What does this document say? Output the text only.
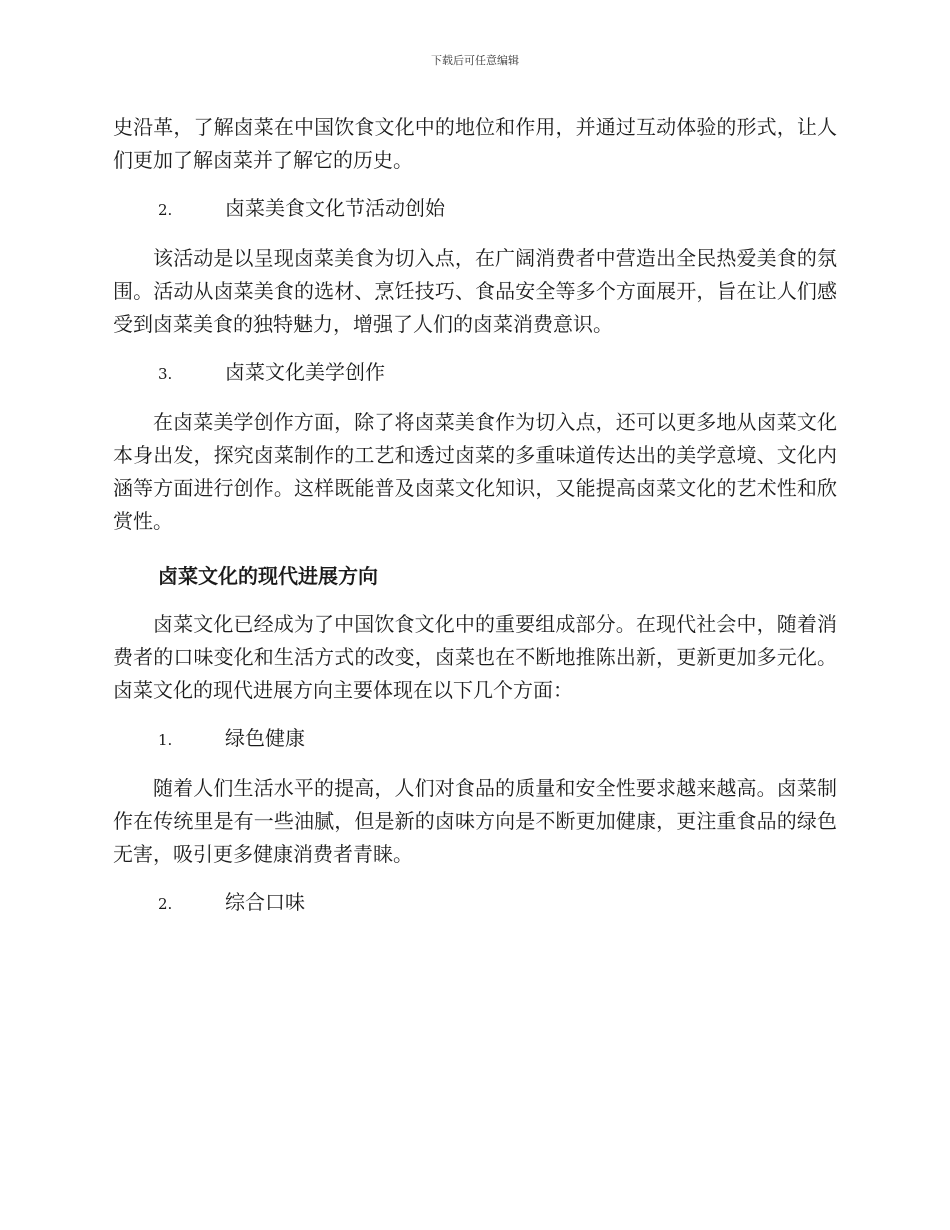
下载后可任意编辑

史沿革，了解卤菜在中国饮食文化中的地位和作用，并通过互动体验的形式，让人们更加了解卤菜并了解它的历史。

2.	卤菜美食文化节活动创始

该活动是以呈现卤菜美食为切入点，在广阔消费者中营造出全民热爱美食的氛围。活动从卤菜美食的选材、烹饪技巧、食品安全等多个方面展开，旨在让人们感受到卤菜美食的独特魅力，增强了人们的卤菜消费意识。

3.	卤菜文化美学创作

在卤菜美学创作方面，除了将卤菜美食作为切入点，还可以更多地从卤菜文化本身出发，探究卤菜制作的工艺和透过卤菜的多重味道传达出的美学意境、文化内涵等方面进行创作。这样既能普及卤菜文化知识，又能提高卤菜文化的艺术性和欣赏性。

卤菜文化的现代进展方向

卤菜文化已经成为了中国饮食文化中的重要组成部分。在现代社会中，随着消费者的口味变化和生活方式的改变，卤菜也在不断地推陈出新，更新更加多元化。卤菜文化的现代进展方向主要体现在以下几个方面：

1.	绿色健康

随着人们生活水平的提高，人们对食品的质量和安全性要求越来越高。卤菜制作在传统里是有一些油腻，但是新的卤味方向是不断更加健康，更注重食品的绿色无害，吸引更多健康消费者青睐。

2.	综合口味
